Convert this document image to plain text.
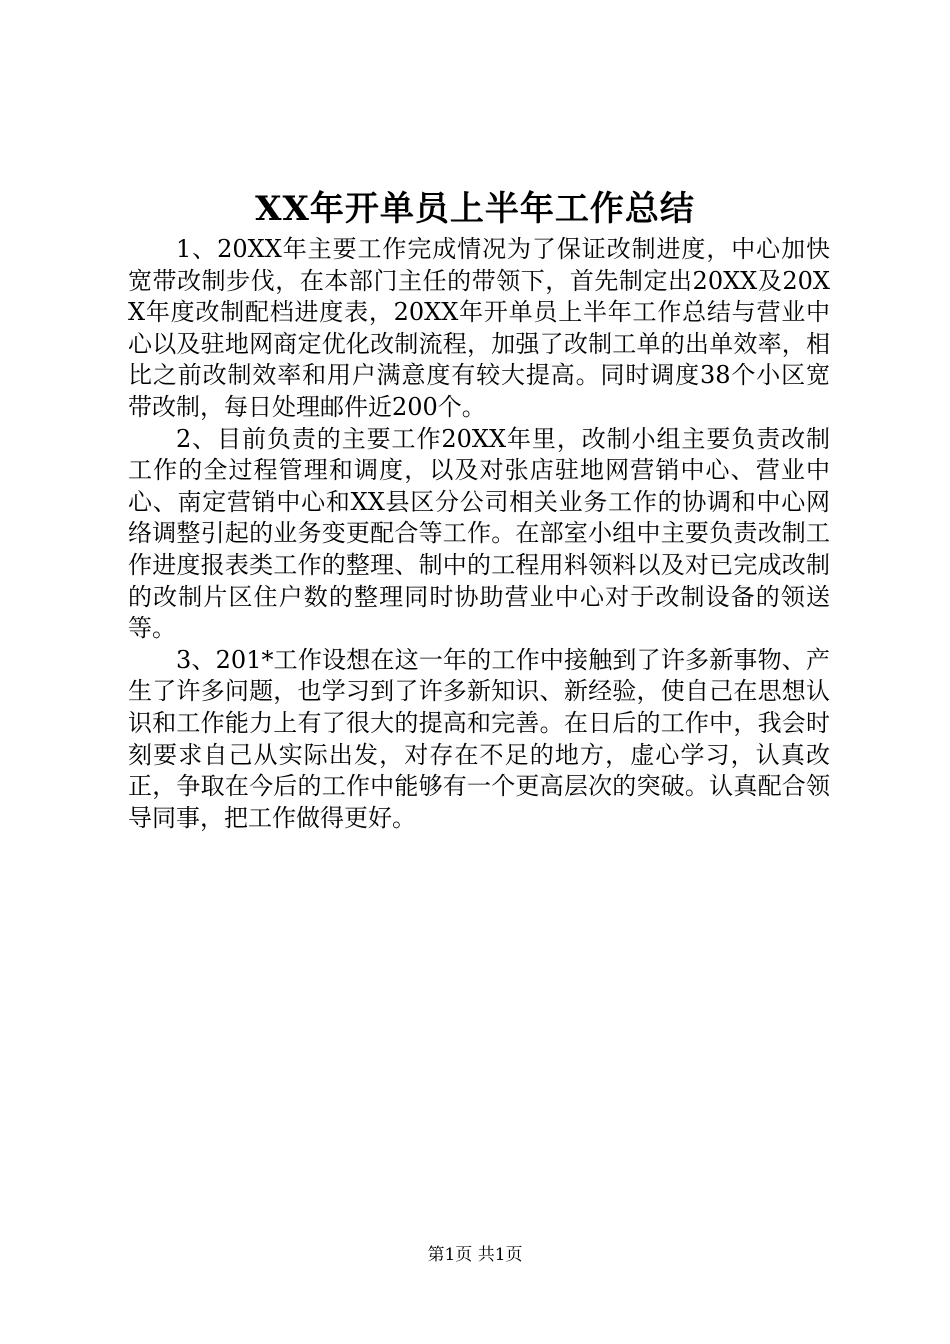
XX年开单员上半年工作总结

1、20XX年主要工作完成情况为了保证改制进度，中心加快宽带改制步伐，在本部门主任的带领下，首先制定出20XX及20XX年度改制配档进度表，20XX年开单员上半年工作总结与营业中心以及驻地网商定优化改制流程，加强了改制工单的出单效率，相比之前改制效率和用户满意度有较大提高。同时调度38个小区宽带改制，每日处理邮件近200个。

2、目前负责的主要工作20XX年里，改制小组主要负责改制工作的全过程管理和调度，以及对张店驻地网营销中心、营业中心、南定营销中心和XX县区分公司相关业务工作的协调和中心网络调整引起的业务变更配合等工作。在部室小组中主要负责改制工作进度报表类工作的整理、制中的工程用料领料以及对已完成改制的改制片区住户数的整理同时协助营业中心对于改制设备的领送等。

3、201*工作设想在这一年的工作中接触到了许多新事物、产生了许多问题，也学习到了许多新知识、新经验，使自己在思想认识和工作能力上有了很大的提高和完善。在日后的工作中，我会时刻要求自己从实际出发，对存在不足的地方，虚心学习，认真改正，争取在今后的工作中能够有一个更高层次的突破。认真配合领导同事，把工作做得更好。

第1页 共1页
